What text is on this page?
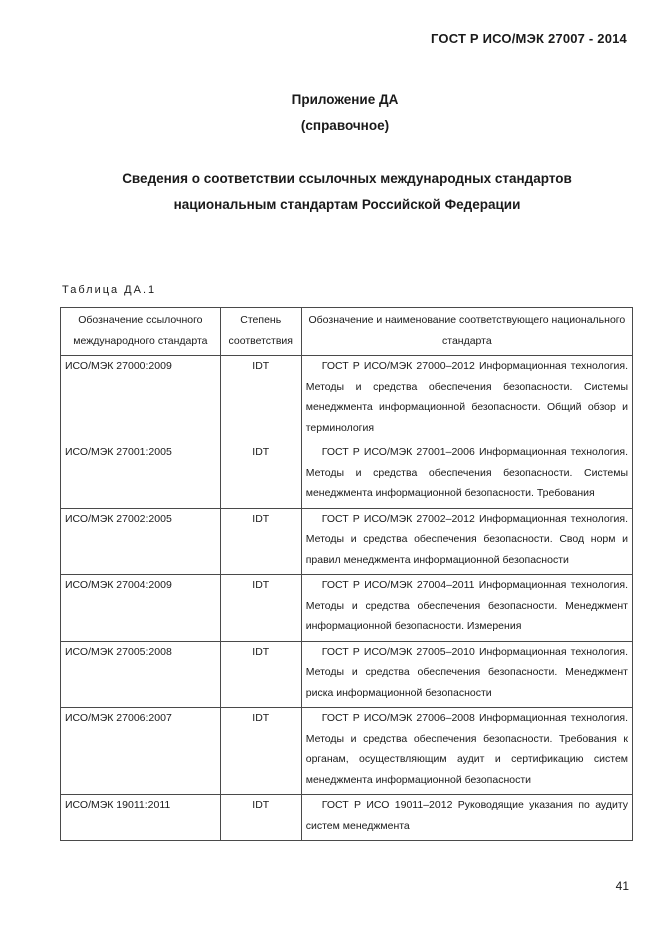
ГОСТ Р ИСО/МЭК 27007 - 2014
Приложение ДА
(справочное)
Сведения о соответствии ссылочных международных стандартов
национальным стандартам Российской Федерации
Таблица ДА.1
Обозначение ссылочного международного стандарта	Степень соответствия	Обозначение и наименование соответствующего национального стандарта
ИСО/МЭК 27000:2009	IDT	ГОСТ Р ИСО/МЭК 27000–2012 Информационная технология. Методы и средства обеспечения безопасности. Системы менеджмента информационной безопасности. Общий обзор и терминология
ИСО/МЭК 27001:2005	IDT	ГОСТ Р ИСО/МЭК 27001–2006 Информационная технология. Методы и средства обеспечения безопасности. Системы менеджмента информационной безопасности. Требования
ИСО/МЭК 27002:2005	IDT	ГОСТ Р ИСО/МЭК 27002–2012 Информационная технология. Методы и средства обеспечения безопасности. Свод норм и правил менеджмента информационной безопасности
ИСО/МЭК 27004:2009	IDT	ГОСТ Р ИСО/МЭК 27004–2011 Информационная технология. Методы и средства обеспечения безопасности. Менеджмент информационной безопасности. Измерения
ИСО/МЭК 27005:2008	IDT	ГОСТ Р ИСО/МЭК 27005–2010 Информационная технология. Методы и средства обеспечения безопасности. Менеджмент риска информационной безопасности
ИСО/МЭК 27006:2007	IDT	ГОСТ Р ИСО/МЭК 27006–2008 Информационная технология. Методы и средства обеспечения безопасности. Требования к органам, осуществляющим аудит и сертификацию систем менеджмента информационной безопасности
ИСО/МЭК 19011:2011	IDT	ГОСТ Р ИСО 19011–2012 Руководящие указания по аудиту систем менеджмента
41
